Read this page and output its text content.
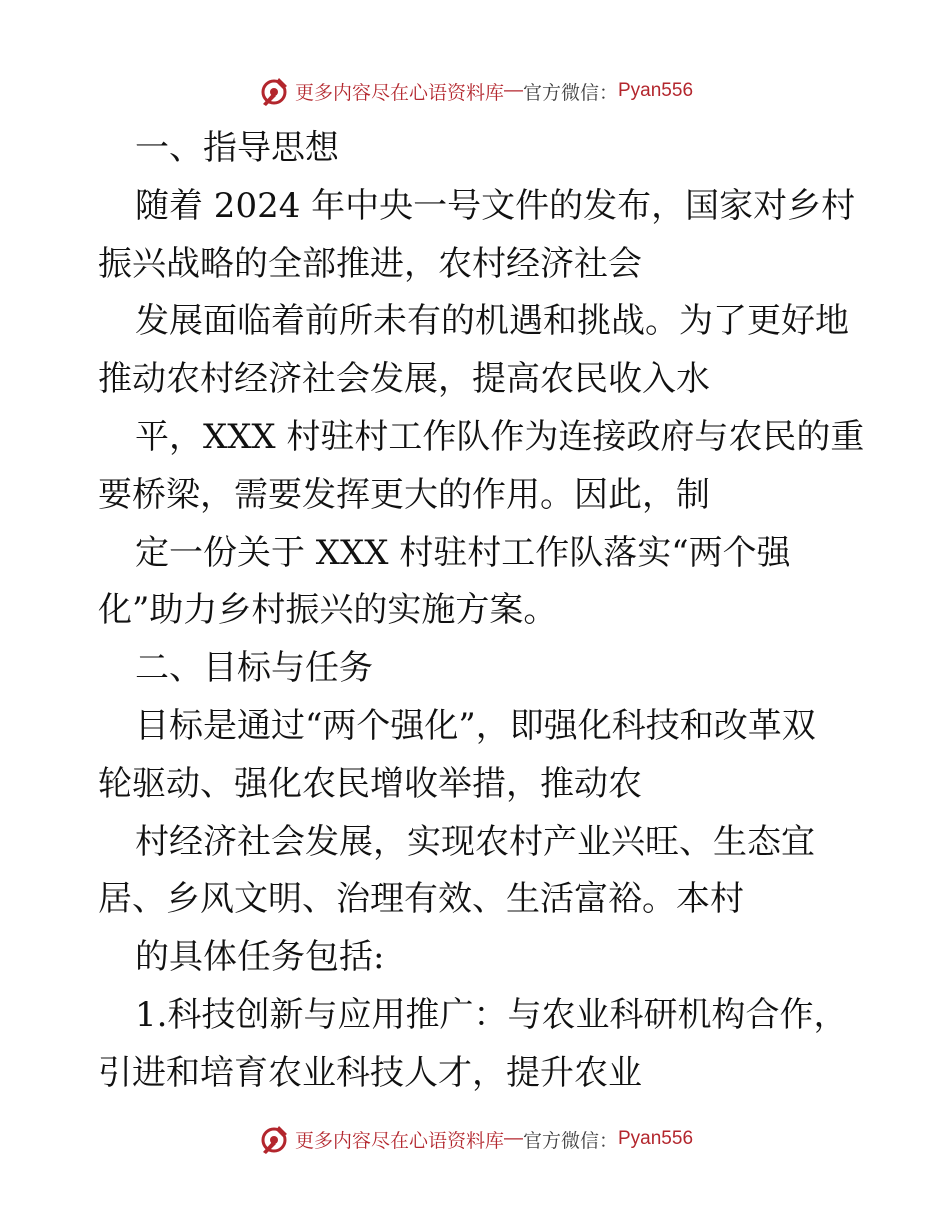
更多内容尽在心语资料库 — 官方微信： Pyan556
一、指导思想
随着 2024 年中央一号文件的发布，国家对乡村
振兴战略的全部推进，农村经济社会
发展面临着前所未有的机遇和挑战。为了更好地
推动农村经济社会发展，提高农民收入水
平，XXX 村驻村工作队作为连接政府与农民的重
要桥梁，需要发挥更大的作用。因此，制
定一份关于 XXX 村驻村工作队落实“两个强
化”助力乡村振兴的实施方案。
二、目标与任务
目标是通过“两个强化”，即强化科技和改革双
轮驱动、强化农民增收举措，推动农
村经济社会发展，实现农村产业兴旺、生态宜
居、乡风文明、治理有效、生活富裕。本村
的具体任务包括:
1.科技创新与应用推广：与农业科研机构合作，
引进和培育农业科技人才，提升农业
更多内容尽在心语资料库 — 官方微信： Pyan556
